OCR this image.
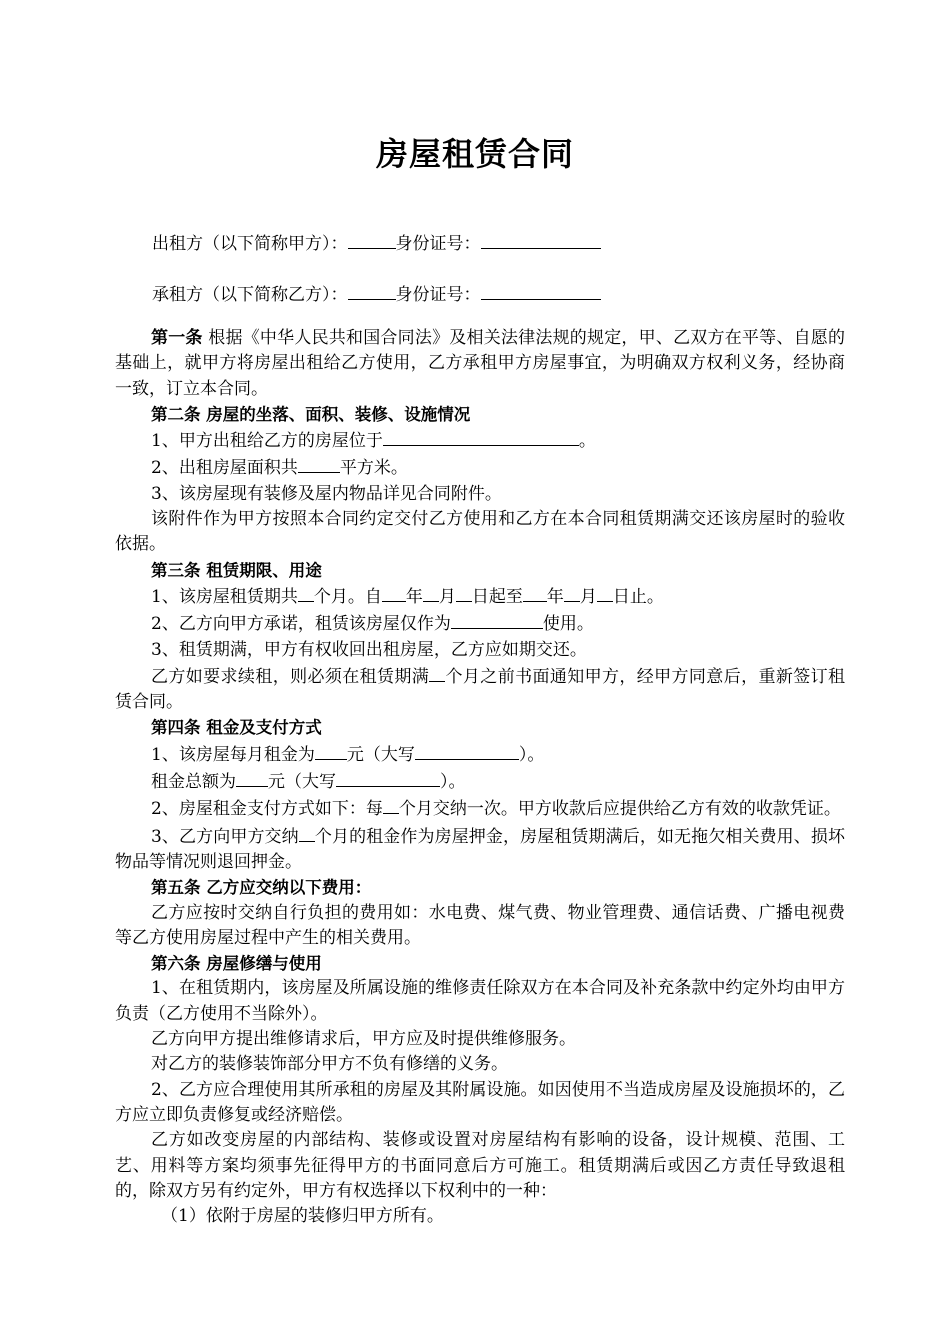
房屋租赁合同
出租方（以下简称甲方）：	身份证号：
承租方（以下简称乙方）：	身份证号：

第一条 根据《中华人民共和国合同法》及相关法律法规的规定，甲、乙双方在平等、自愿的基础上，就甲方将房屋出租给乙方使用，乙方承租甲方房屋事宜，为明确双方权利义务，经协商一致，订立本合同。

第二条 房屋的坐落、面积、装修、设施情况

1、甲方出租给乙方的房屋位于	。

2、出租房屋面积共 平方米。

3、该房屋现有装修及屋内物品详见合同附件。

该附件作为甲方按照本合同约定交付乙方使用和乙方在本合同租赁期满交还该房屋时的验收依据。

第三条 租赁期限、用途

1、该房屋租赁期共 个月。自 年 月 日起至 年 月 日止。

2、乙方向甲方承诺，租赁该房屋仅作为	使用。

3、租赁期满，甲方有权收回出租房屋，乙方应如期交还。

乙方如要求续租，则必须在租赁期满 个月之前书面通知甲方，经甲方同意后，重新签订租赁合同。

第四条 租金及支付方式

1、该房屋每月租金为 元（大写	）。

租金总额为 元（大写	）。

2、房屋租金支付方式如下：每 个月交纳一次。甲方收款后应提供给乙方有效的收款凭证。

3、乙方向甲方交纳 个月的租金作为房屋押金，房屋租赁期满后，如无拖欠相关费用、损坏物品等情况则退回押金。

第五条 乙方应交纳以下费用：

乙方应按时交纳自行负担的费用如：水电费、煤气费、物业管理费、通信话费、广播电视费等乙方使用房屋过程中产生的相关费用。

第六条 房屋修缮与使用

1、在租赁期内，该房屋及所属设施的维修责任除双方在本合同及补充条款中约定外均由甲方负责（乙方使用不当除外）。

乙方向甲方提出维修请求后，甲方应及时提供维修服务。

对乙方的装修装饰部分甲方不负有修缮的义务。

2、乙方应合理使用其所承租的房屋及其附属设施。如因使用不当造成房屋及设施损坏的，乙方应立即负责修复或经济赔偿。

乙方如改变房屋的内部结构、装修或设置对房屋结构有影响的设备，设计规模、范围、工艺、用料等方案均须事先征得甲方的书面同意后方可施工。租赁期满后或因乙方责任导致退租的，除双方另有约定外，甲方有权选择以下权利中的一种：

（1）依附于房屋的装修归甲方所有。
